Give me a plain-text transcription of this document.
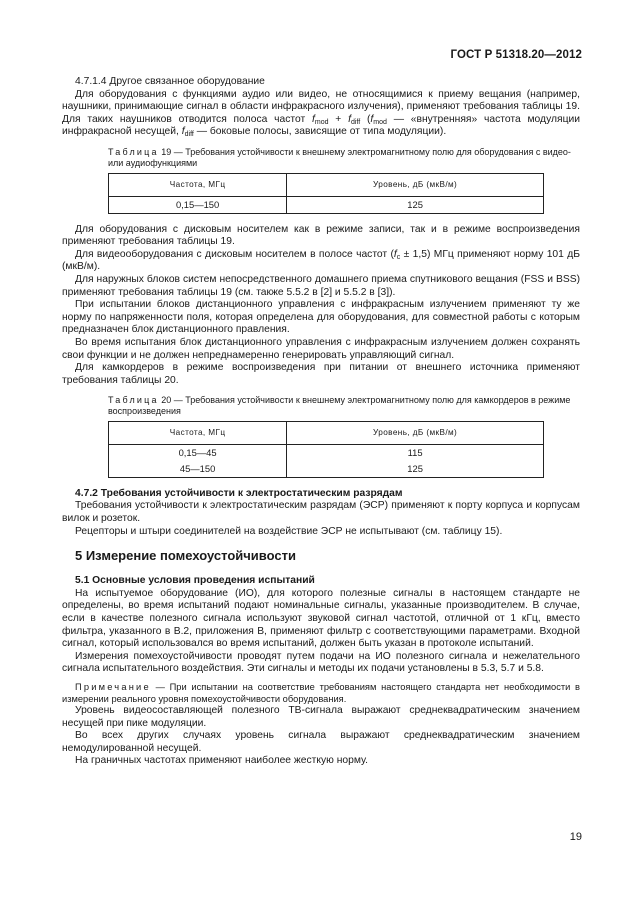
ГОСТ Р 51318.20—2012

4.7.1.4 Другое связанное оборудование

Для оборудования с функциями аудио или видео, не относящимися к приему вещания (например, наушники, принимающие сигнал в области инфракрасного излучения), применяют требования таблицы 19. Для таких наушников отводится полоса частот $f_{mod} + f_{diff}$ ($f_{mod}$ — «внутренняя» частота модуляции инфракрасной несущей, $f_{diff}$ — боковые полосы, зависящие от типа модуляции).

Таблица 19 — Требования устойчивости к внешнему электромагнитному полю для оборудования с видео- или аудиофункциями

Частота, МГц	Уровень, дБ (мкВ/м)
0,15—150	125

Для оборудования с дисковым носителем как в режиме записи, так и в режиме воспроизведения применяют требования таблицы 19.

Для видеооборудования с дисковым носителем в полосе частот $(f_c \pm 1,5)$ МГц применяют норму 101 дБ (мкВ/м).

Для наружных блоков систем непосредственного домашнего приема спутникового вещания (FSS и BSS) применяют требования таблицы 19 (см. также 5.5.2 в [2] и 5.5.2 в [3]).

При испытании блоков дистанционного управления с инфракрасным излучением применяют ту же норму по напряженности поля, которая определена для оборудования, для совместной работы с которым предназначен блок дистанционного правления.

Во время испытания блок дистанционного управления с инфракрасным излучением должен сохранять свои функции и не должен непреднамеренно генерировать управляющий сигнал.

Для камкордеров в режиме воспроизведения при питании от внешнего источника применяют требования таблицы 20.

Таблица 20 — Требования устойчивости к внешнему электромагнитному полю для камкордеров в режиме воспроизведения

Частота, МГц	Уровень, дБ (мкВ/м)
0,15—45	115
45—150	125

4.7.2 Требования устойчивости к электростатическим разрядам

Требования устойчивости к электростатическим разрядам (ЭСР) применяют к порту корпуса и корпусам вилок и розеток.

Рецепторы и штыри соединителей на воздействие ЭСР не испытывают (см. таблицу 15).

5 Измерение помехоустойчивости

5.1 Основные условия проведения испытаний

На испытуемое оборудование (ИО), для которого полезные сигналы в настоящем стандарте не определены, во время испытаний подают номинальные сигналы, указанные производителем. В случае, если в качестве полезного сигнала используют звуковой сигнал частотой, отличной от 1 кГц, вместо фильтра, указанного в В.2, приложения В, применяют фильтр с соответствующими параметрами. Входной сигнал, который использовался во время испытаний, должен быть указан в протоколе испытаний.

Измерения помехоустойчивости проводят путем подачи на ИО полезного сигнала и нежелательного сигнала испытательного воздействия. Эти сигналы и методы их подачи установлены в 5.3, 5.7 и 5.8.

Примечание — При испытании на соответствие требованиям настоящего стандарта нет необходимости в измерении реального уровня помехоустойчивости оборудования.

Уровень видеосоставляющей полезного ТВ-сигнала выражают среднеквадратическим значением несущей при пике модуляции.

Во всех других случаях уровень сигнала выражают среднеквадратическим значением немодулированной несущей.

На граничных частотах применяют наиболее жесткую норму.

19
